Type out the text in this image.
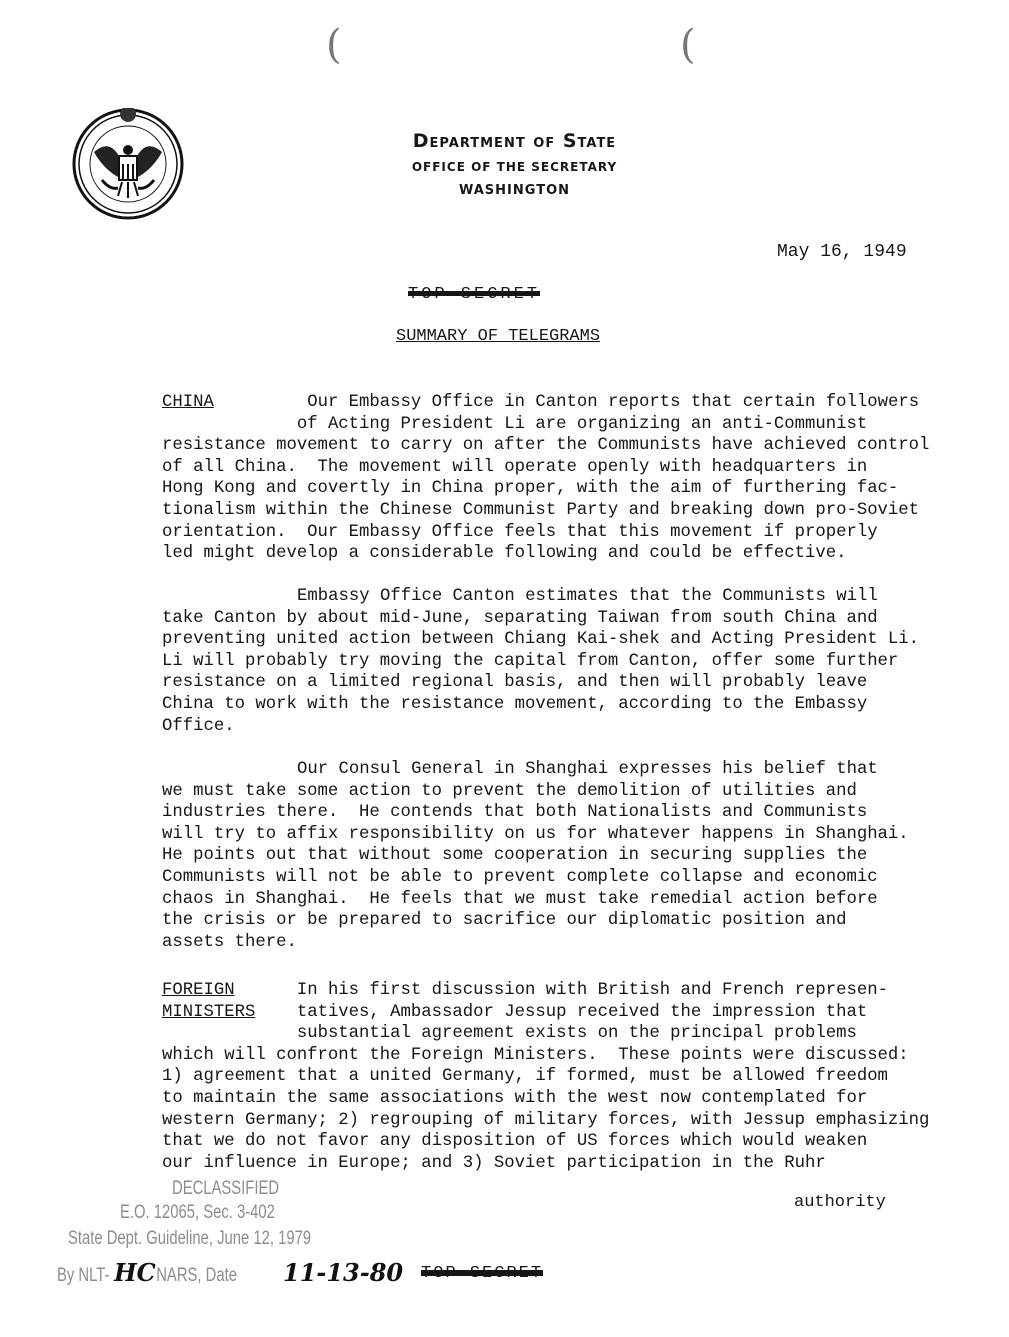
Department of State
OFFICE OF THE SECRETARY
WASHINGTON
(	(
May 16, 1949
TOP SECRET
SUMMARY OF TELEGRAMS
CHINA	Our Embassy Office in Canton reports that certain followers
of Acting President Li are organizing an anti-Communist
resistance movement to carry on after the Communists have achieved control
of all China.  The movement will operate openly with headquarters in
Hong Kong and covertly in China proper, with the aim of furthering fac-
tionalism within the Chinese Communist Party and breaking down pro-Soviet
orientation.  Our Embassy Office feels that this movement if properly
led might develop a considerable following and could be effective.
Embassy Office Canton estimates that the Communists will
take Canton by about mid-June, separating Taiwan from south China and
preventing united action between Chiang Kai-shek and Acting President Li.
Li will probably try moving the capital from Canton, offer some further
resistance on a limited regional basis, and then will probably leave
China to work with the resistance movement, according to the Embassy
Office.
Our Consul General in Shanghai expresses his belief that
we must take some action to prevent the demolition of utilities and
industries there.  He contends that both Nationalists and Communists
will try to affix responsibility on us for whatever happens in Shanghai.
He points out that without some cooperation in securing supplies the
Communists will not be able to prevent complete collapse and economic
chaos in Shanghai.  He feels that we must take remedial action before
the crisis or be prepared to sacrifice our diplomatic position and
assets there.
FOREIGN	In his first discussion with British and French represen-
MINISTERS tatives, Ambassador Jessup received the impression that
substantial agreement exists on the principal problems
which will confront the Foreign Ministers.  These points were discussed:
1) agreement that a united Germany, if formed, must be allowed freedom
to maintain the same associations with the west now contemplated for
western Germany; 2) regrouping of military forces, with Jessup emphasizing
that we do not favor any disposition of US forces which would weaken
our influence in Europe; and 3) Soviet participation in the Ruhr
authority
DECLASSIFIED
E.O. 12065, Sec. 3-402
State Dept. Guideline, June 12, 1979
By NLT- NARS, Date
HC	11-13-80 TOP SECRET
